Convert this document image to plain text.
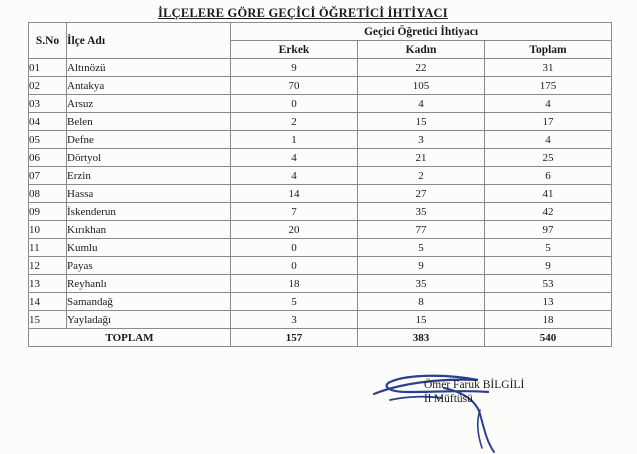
İLÇELERE GÖRE GEÇİCİ ÖĞRETİCİ İHTİYACI
S.No	İlçe Adı	Geçici Öğretici İhtiyacı		
		Erkek	Kadın	Toplam
01	Altınözü	9	22	31
02	Antakya	70	105	175
03	Arsuz	0	4	4
04	Belen	2	15	17
05	Defne	1	3	4
06	Dörtyol	4	21	25
07	Erzin	4	2	6
08	Hassa	14	27	41
09	İskenderun	7	35	42
10	Kırıkhan	20	77	97
11	Kumlu	0	5	5
12	Payas	0	9	9
13	Reyhanlı	18	35	53
14	Samandağ	5	8	13
15	Yayladağı	3	15	18
TOPLAM		157	383	540
Ömer Faruk BİLGİLİ
İl Müftüsü
